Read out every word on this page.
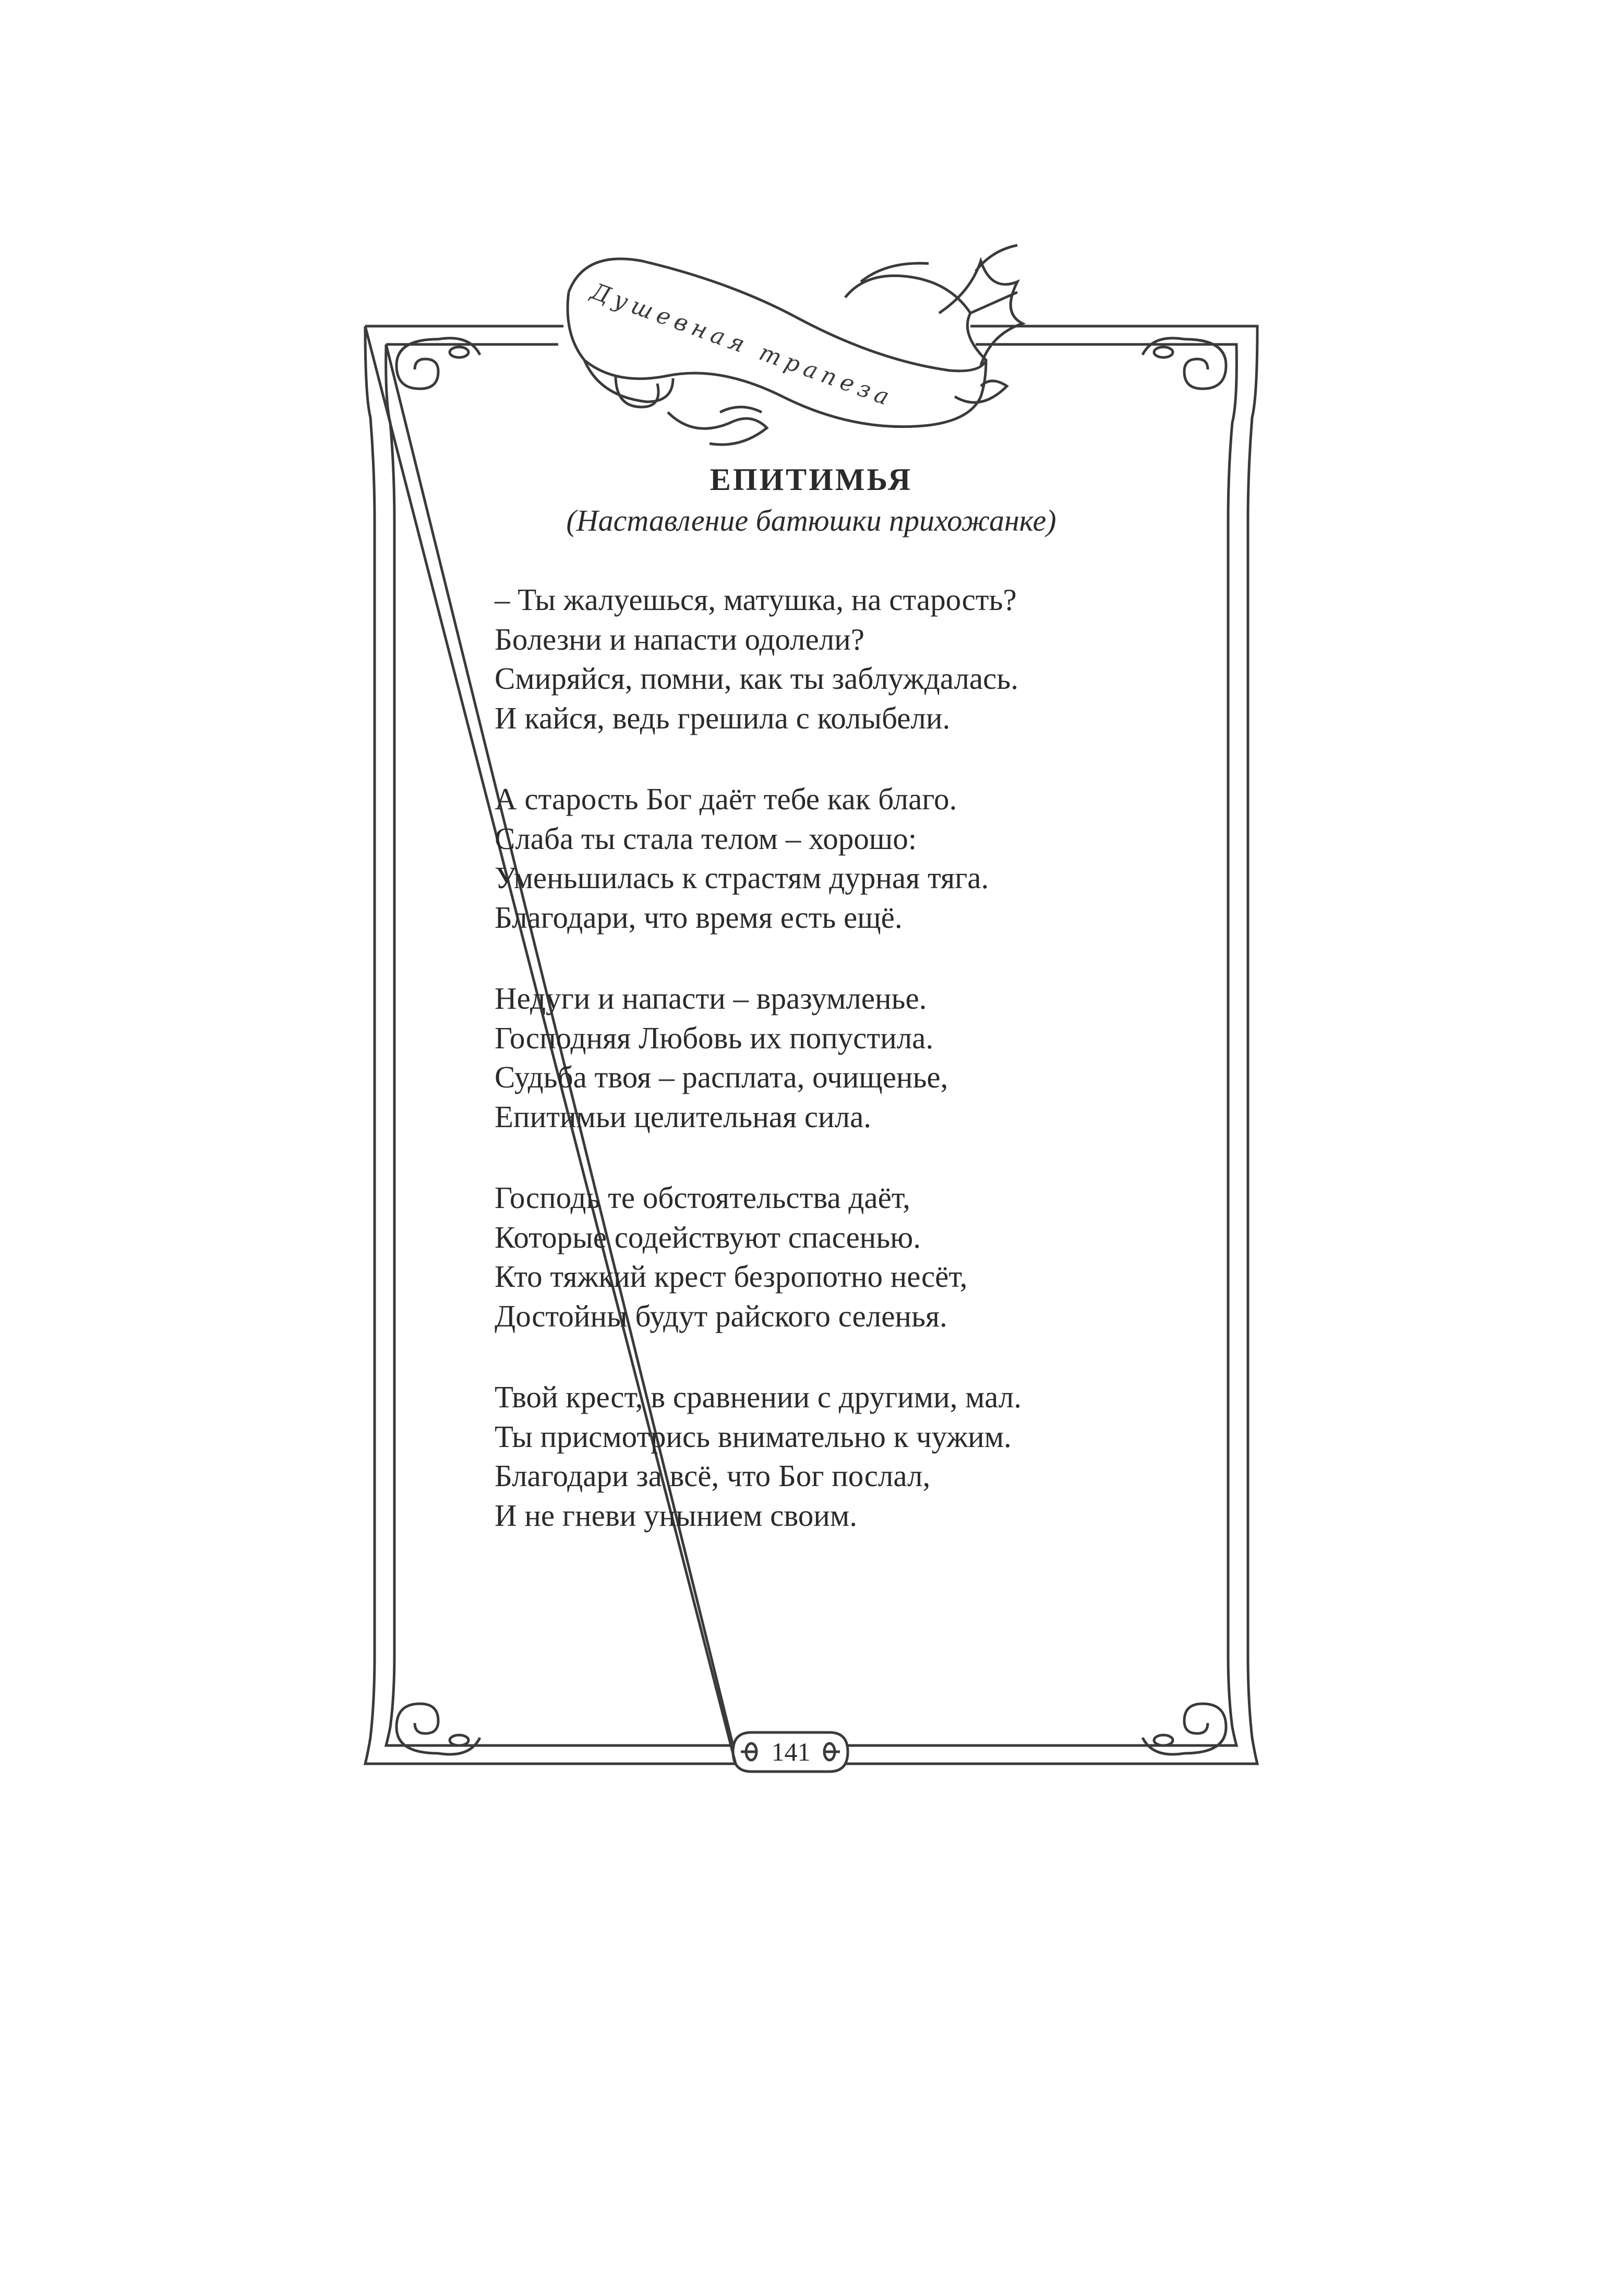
Душевная трапеза
ЕПИТИМЬЯ

(Наставление батюшки прихожанке)

– Ты жалуешься, матушка, на старость?
Болезни и напасти одолели?
Смиряйся, помни, как ты заблуждалась.
И кайся, ведь грешила с колыбели.
А старость Бог даёт тебе как благо.
Слаба ты стала телом – хорошо:
Уменьшилась к страстям дурная тяга.
Благодари, что время есть ещё.
Недуги и напасти – вразумленье.
Господняя Любовь их попустила.
Судьба твоя – расплата, очищенье,
Епитимьи целительная сила.
Господь те обстоятельства даёт,
Которые содействуют спасенью.
Кто тяжкий крест безропотно несёт,
Достойны будут райского селенья.
Твой крест, в сравнении с другими, мал.
Ты присмотрись внимательно к чужим.
Благодари за всё, что Бог послал,
И не гневи унынием своим.
141
